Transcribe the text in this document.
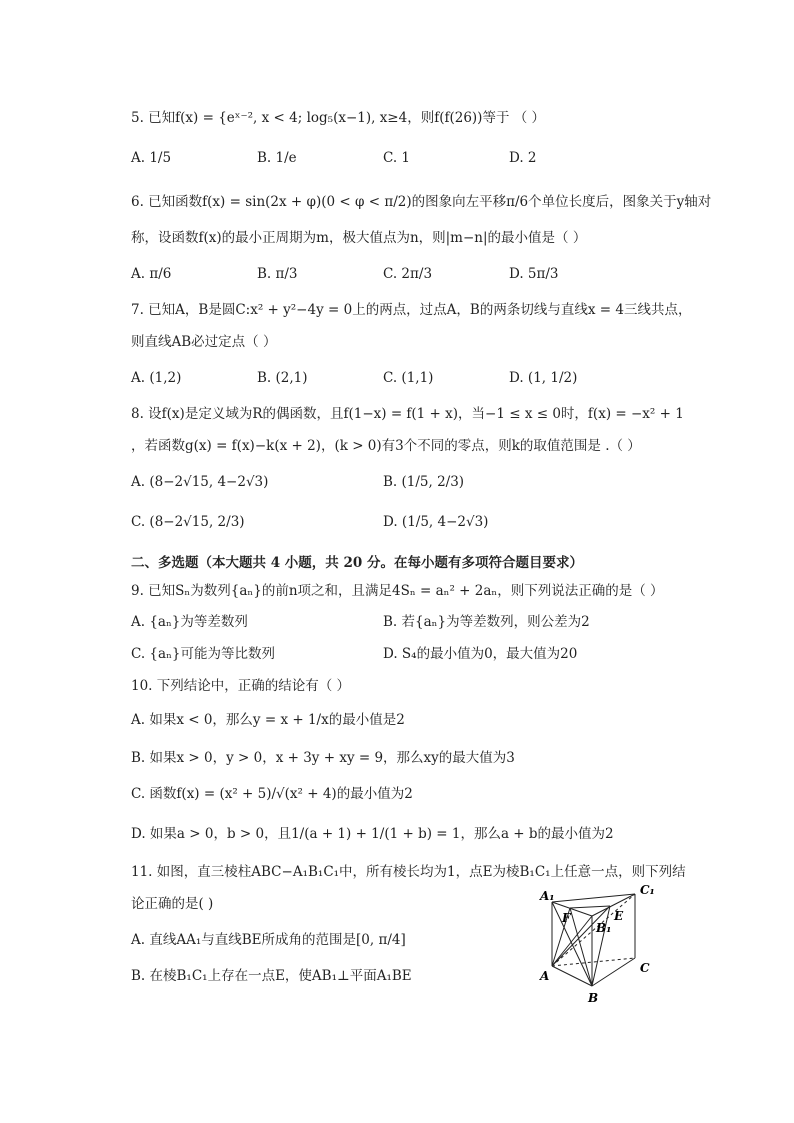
5. 已知f(x) = {eˣ⁻², x < 4; log₅(x−1), x≥4，则f(f(26))等于 （ ）
A. 1/5	B. 1/e	C. 1	D. 2
6. 已知函数f(x) = sin(2x + φ)(0 < φ < π/2)的图象向左平移π/6个单位长度后，图象关于y轴对
称，设函数f(x)的最小正周期为m，极大值点为n，则|m−n|的最小值是（ ）
A. π/6	B. π/3	C. 2π/3	D. 5π/3
7. 已知A，B是圆C:x² + y²−4y = 0上的两点，过点A，B的两条切线与直线x = 4三线共点，
则直线AB必过定点（ ）
A. (1,2)	B. (2,1)	C. (1,1)	D. (1, 1/2)
8. 设f(x)是定义域为R的偶函数，且f(1−x) = f(1 + x)，当−1 ≤ x ≤ 0时，f(x) = −x² + 1
，若函数g(x) = f(x)−k(x + 2)，(k > 0)有3个不同的零点，则k的取值范围是 .（ ）
A. (8−2√15, 4−2√3)	B. (1/5, 2/3)
C. (8−2√15, 2/3)	D. (1/5, 4−2√3)
二、多选题（本大题共 4 小题，共 20 分。在每小题有多项符合题目要求）
9. 已知Sₙ为数列{aₙ}的前n项之和，且满足4Sₙ = aₙ² + 2aₙ，则下列说法正确的是（ ）
A. {aₙ}为等差数列	B. 若{aₙ}为等差数列，则公差为2
C. {aₙ}可能为等比数列	D. S₄的最小值为0，最大值为20
10. 下列结论中，正确的结论有（ ）
A. 如果x < 0，那么y = x + 1/x的最小值是2
B. 如果x > 0，y > 0，x + 3y + xy = 9，那么xy的最大值为3
C. 函数f(x) = (x² + 5)/√(x² + 4)的最小值为2
D. 如果a > 0，b > 0，且1/(a + 1) + 1/(1 + b) = 1，那么a + b的最小值为2
11. 如图，直三棱柱ABC−A₁B₁C₁中，所有棱长均为1，点E为棱B₁C₁上任意一点，则下列结
论正确的是( )
A. 直线AA₁与直线BE所成角的范围是[0, π/4]
B. 在棱B₁C₁上存在一点E，使AB₁⊥平面A₁BE
A₁	C₁
F	E
B₁
A
C
B
